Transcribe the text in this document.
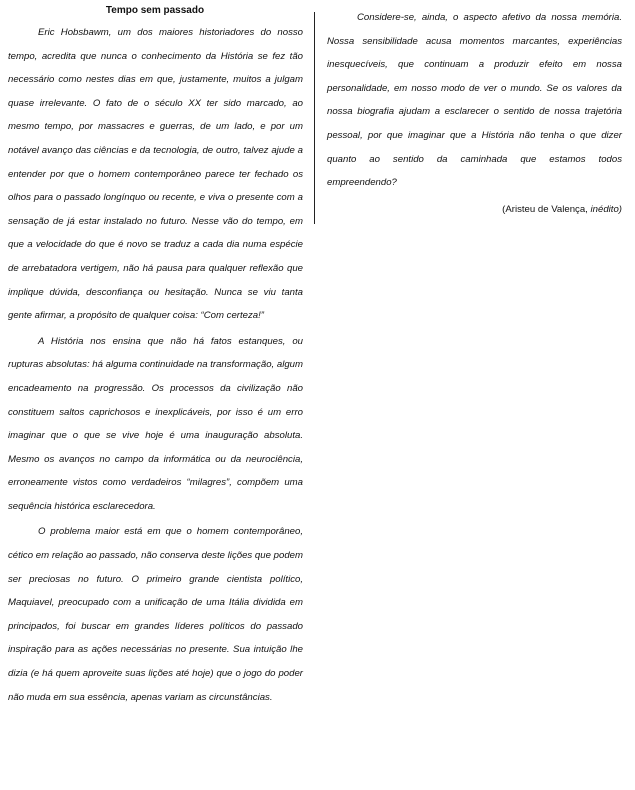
Tempo sem passado

Eric Hobsbawm, um dos maiores historiadores do nosso tempo, acredita que nunca o conhecimento da História se fez tão necessário como nestes dias em que, justamente, muitos a julgam quase irrelevante. O fato de o século XX ter sido marcado, ao mesmo tempo, por massacres e guerras, de um lado, e por um notável avanço das ciências e da tecnologia, de outro, talvez ajude a entender por que o homem contemporâneo parece ter fechado os olhos para o passado longínquo ou recente, e viva o presente com a sensação de já estar instalado no futuro. Nesse vão do tempo, em que a velocidade do que é novo se traduz a cada dia numa espécie de arrebatadora vertigem, não há pausa para qualquer reflexão que implique dúvida, desconfiança ou hesitação. Nunca se viu tanta gente afirmar, a propósito de qualquer coisa: “Com certeza!”

A História nos ensina que não há fatos estanques, ou rupturas absolutas: há alguma continuidade na transformação, algum encadeamento na progressão. Os processos da civilização não constituem saltos caprichosos e inexplicáveis, por isso é um erro imaginar que o que se vive hoje é uma inauguração absoluta. Mesmo os avanços no campo da informática ou da neurociência, erroneamente vistos como verdadeiros “milagres”, compõem uma sequência histórica esclarecedora.

O problema maior está em que o homem contemporâneo, cético em relação ao passado, não conserva deste lições que podem ser preciosas no futuro. O primeiro grande cientista político, Maquiavel, preocupado com a unificação de uma Itália dividida em principados, foi buscar em grandes líderes políticos do passado inspiração para as ações necessárias no presente. Sua intuição lhe dizia (e há quem aproveite suas lições até hoje) que o jogo do poder não muda em sua essência, apenas variam as circunstâncias.

Considere-se, ainda, o aspecto afetivo da nossa memória. Nossa sensibilidade acusa momentos marcantes, experiências inesquecíveis, que continuam a produzir efeito em nossa personalidade, em nosso modo de ver o mundo. Se os valores da nossa biografia ajudam a esclarecer o sentido de nossa trajetória pessoal, por que imaginar que a História não tenha o que dizer quanto ao sentido da caminhada que estamos todos empreendendo?

(Aristeu de Valença, inédito)
